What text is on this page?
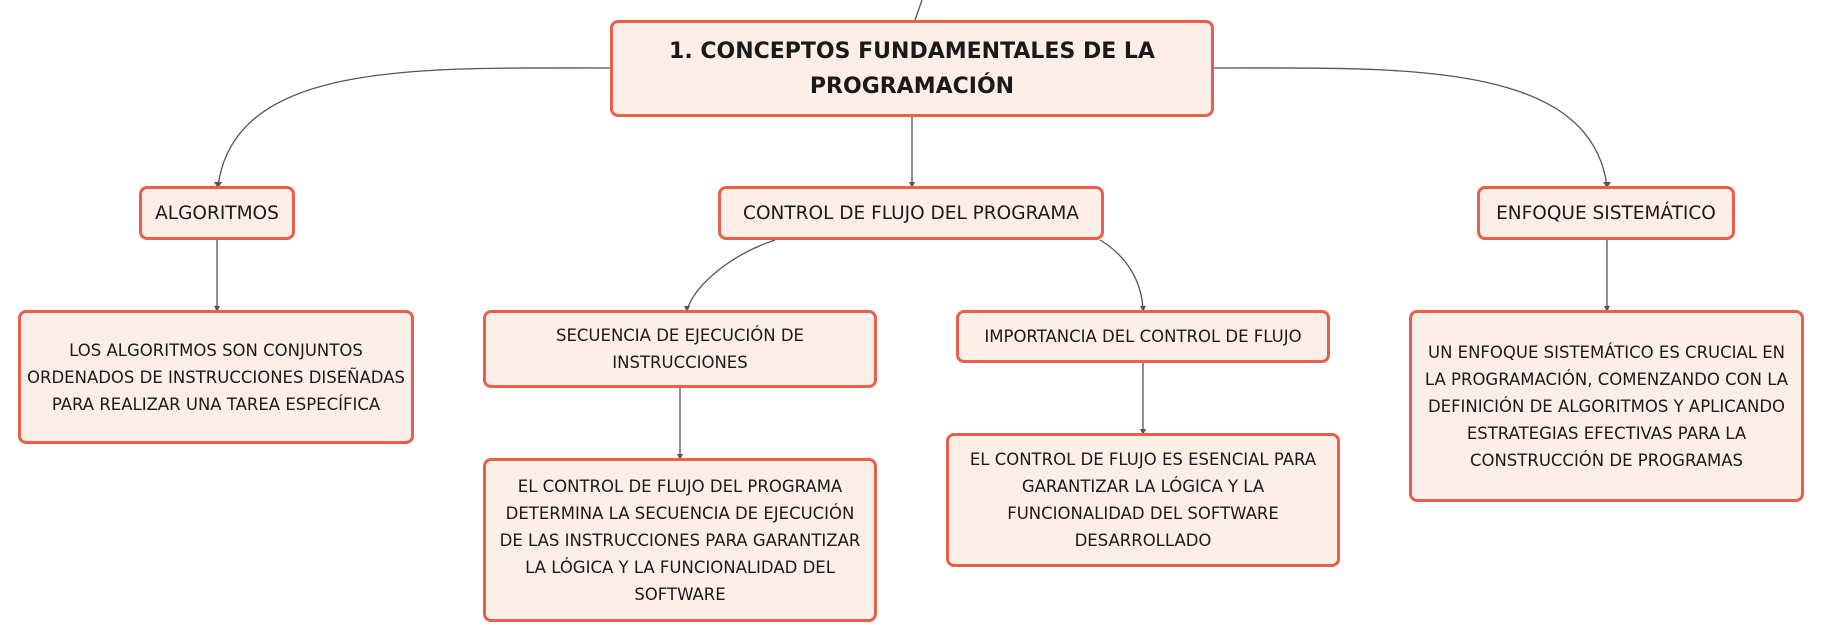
1. CONCEPTOS FUNDAMENTALES DE LA PROGRAMACIÓN
ALGORITMOS	CONTROL DE FLUJO DEL PROGRAMA	ENFOQUE SISTEMÁTICO
LOS ALGORITMOS SON CONJUNTOS ORDENADOS DE INSTRUCCIONES DISEÑADAS PARA REALIZAR UNA TAREA ESPECÍFICA
SECUENCIA DE EJECUCIÓN DE INSTRUCCIONES
IMPORTANCIA DEL CONTROL DE FLUJO
UN ENFOQUE SISTEMÁTICO ES CRUCIAL EN LA PROGRAMACIÓN, COMENZANDO CON LA DEFINICIÓN DE ALGORITMOS Y APLICANDO ESTRATEGIAS EFECTIVAS PARA LA CONSTRUCCIÓN DE PROGRAMAS
EL CONTROL DE FLUJO DEL PROGRAMA DETERMINA LA SECUENCIA DE EJECUCIÓN DE LAS INSTRUCCIONES PARA GARANTIZAR LA LÓGICA Y LA FUNCIONALIDAD DEL SOFTWARE
EL CONTROL DE FLUJO ES ESENCIAL PARA GARANTIZAR LA LÓGICA Y LA FUNCIONALIDAD DEL SOFTWARE DESARROLLADO
